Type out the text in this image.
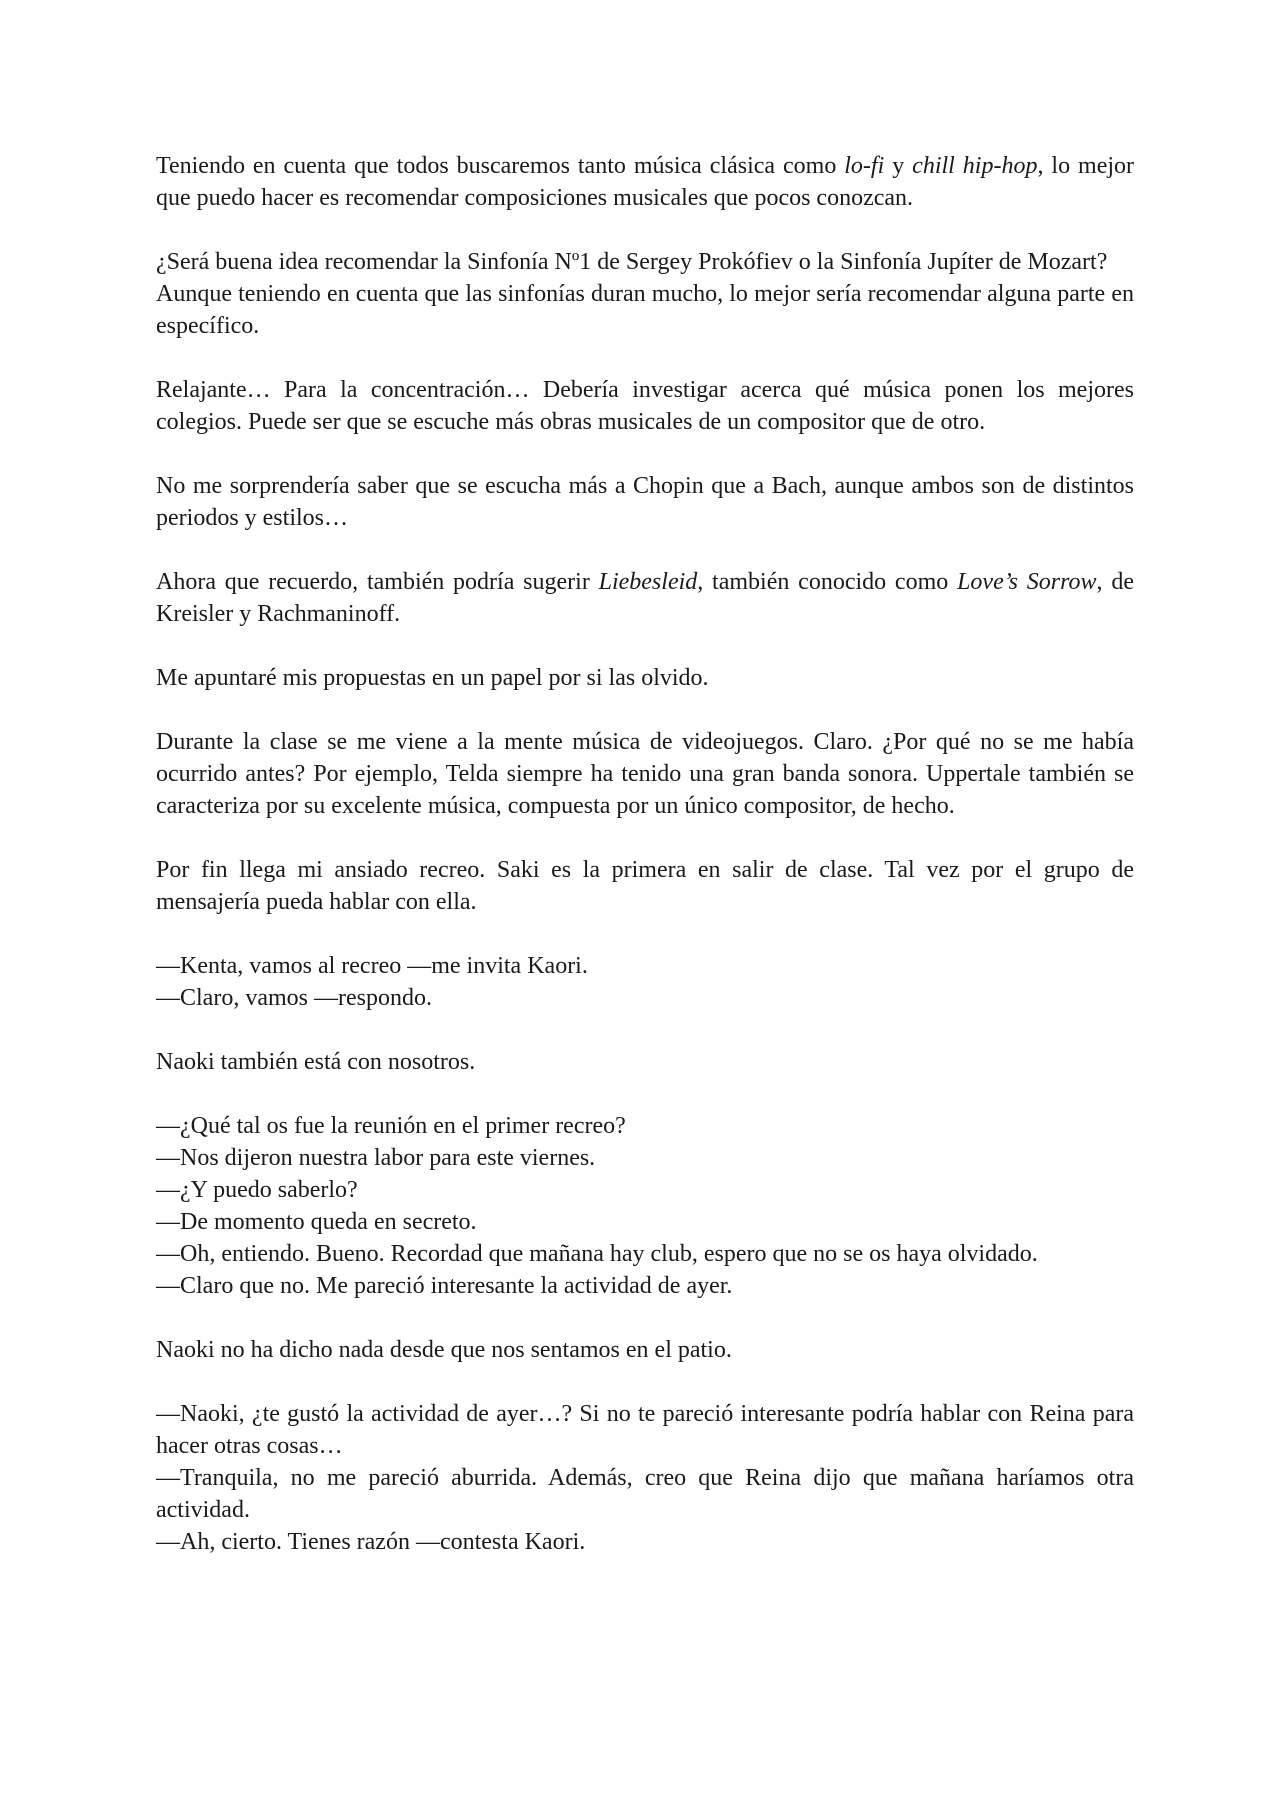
Teniendo en cuenta que todos buscaremos tanto música clásica como lo-fi y chill hip-hop, lo mejor que puedo hacer es recomendar composiciones musicales que pocos conozcan.

¿Será buena idea recomendar la Sinfonía Nº1 de Sergey Prokófiev o la Sinfonía Jupíter de Mozart?
Aunque teniendo en cuenta que las sinfonías duran mucho, lo mejor sería recomendar alguna parte en específico.

Relajante… Para la concentración… Debería investigar acerca qué música ponen los mejores colegios. Puede ser que se escuche más obras musicales de un compositor que de otro.

No me sorprendería saber que se escucha más a Chopin que a Bach, aunque ambos son de distintos periodos y estilos…

Ahora que recuerdo, también podría sugerir Liebesleid, también conocido como Love’s Sorrow, de Kreisler y Rachmaninoff.

Me apuntaré mis propuestas en un papel por si las olvido.

Durante la clase se me viene a la mente música de videojuegos. Claro. ¿Por qué no se me había ocurrido antes? Por ejemplo, Telda siempre ha tenido una gran banda sonora. Uppertale también se caracteriza por su excelente música, compuesta por un único compositor, de hecho.

Por fin llega mi ansiado recreo. Saki es la primera en salir de clase. Tal vez por el grupo de mensajería pueda hablar con ella.

—Kenta, vamos al recreo —me invita Kaori.
—Claro, vamos —respondo.

Naoki también está con nosotros.

—¿Qué tal os fue la reunión en el primer recreo?
—Nos dijeron nuestra labor para este viernes.
—¿Y puedo saberlo?
—De momento queda en secreto.
—Oh, entiendo. Bueno. Recordad que mañana hay club, espero que no se os haya olvidado.
—Claro que no. Me pareció interesante la actividad de ayer.

Naoki no ha dicho nada desde que nos sentamos en el patio.

—Naoki, ¿te gustó la actividad de ayer…? Si no te pareció interesante podría hablar con Reina para hacer otras cosas…
—Tranquila, no me pareció aburrida. Además, creo que Reina dijo que mañana haríamos otra actividad.
—Ah, cierto. Tienes razón —contesta Kaori.
